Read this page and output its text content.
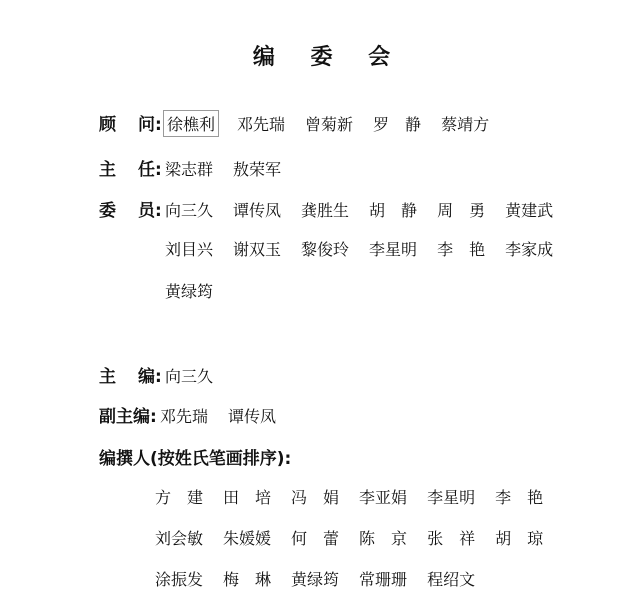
编 委 会
顾 问 : 徐樵利 邓先瑞 曾菊新 罗　静 蔡靖方
主 任 : 梁志群 敖荣军
委 员 : 向三久 谭传凤 龚胜生 胡　静 周　勇 黄建武
刘目兴 谢双玉 黎俊玲 李星明 李　艳 李家成
黄绿筠
主 编 : 向三久
副主编 : 邓先瑞 谭传凤
编撰人(按姓氏笔画排序):
方　建 田　培 冯　娟 李亚娟 李星明 李　艳
刘会敏 朱媛媛 何　蕾 陈　京 张　祥 胡　琼
涂振发 梅　琳 黄绿筠 常珊珊 程绍文
